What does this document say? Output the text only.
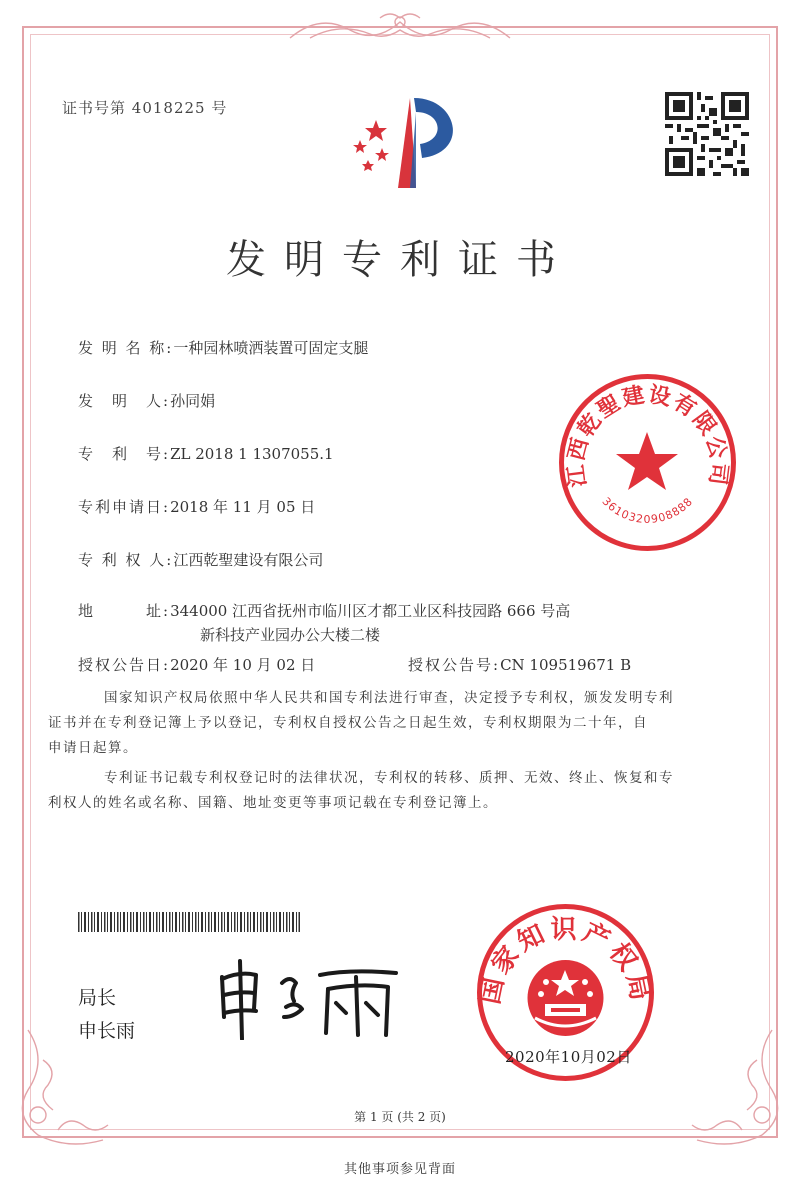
证书号第 4018225 号
发明专利证书
发 明 名 称:一种园林喷洒装置可固定支腿
发　明　人:孙同娟
专　利　号:ZL 2018 1 1307055.1
专利申请日:2018 年 11 月 05 日
专 利 权 人:江西乾聖建设有限公司
地　　　址:344000 江西省抚州市临川区才都工业区科技园路 666 号高
新科技产业园办公大楼二楼
授权公告日:2020 年 10 月 02 日	授权公告号:CN 109519671 B
江西乾聖建设有限公司
3610320908888
国家知识产权局依照中华人民共和国专利法进行审查，决定授予专利权，颁发发明专利
证书并在专利登记簿上予以登记，专利权自授权公告之日起生效，专利权期限为二十年，自
申请日起算。
专利证书记载专利权登记时的法律状况，专利权的转移、质押、无效、终止、恢复和专
利权人的姓名或名称、国籍、地址变更等事项记载在专利登记簿上。
局长
申长雨
国家知识产权局
2020年10月02日
第 1 页 (共 2 页)
其他事项参见背面
